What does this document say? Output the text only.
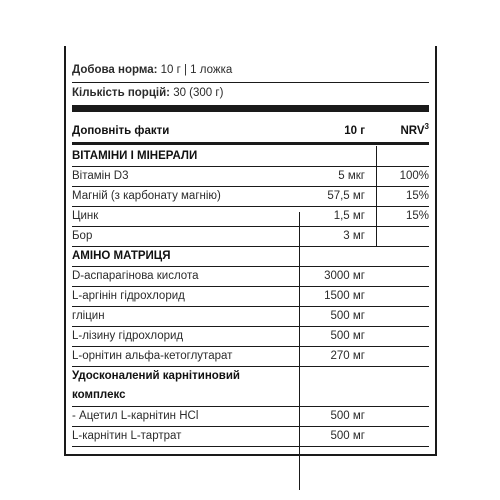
Добова норма: 10 г | 1 ложка
Кількість порцій: 30 (300 г)
Доповніть факти	10 г	NRV$^3$
ВІТАМІНИ І МІНЕРАЛИ
Вітамін D3	5 мкг	100%
Магній (з карбонату магнію)	57,5 мг	15%
Цинк	1,5 мг	15%
Бор	3 мг
АМІНО МАТРИЦЯ
D-аспарагінова кислота	3000 мг
L-аргінін гідрохлорид	1500 мг
гліцин	500 мг
L-лізину гідрохлорид	500 мг
L-орнітин альфа-кетоглутарат	270 мг
Удосконалений карнітиновий
комплекс
- Ацетил L-карнітин HCl	500 мг
L-карнітин L-тартрат	500 мг
